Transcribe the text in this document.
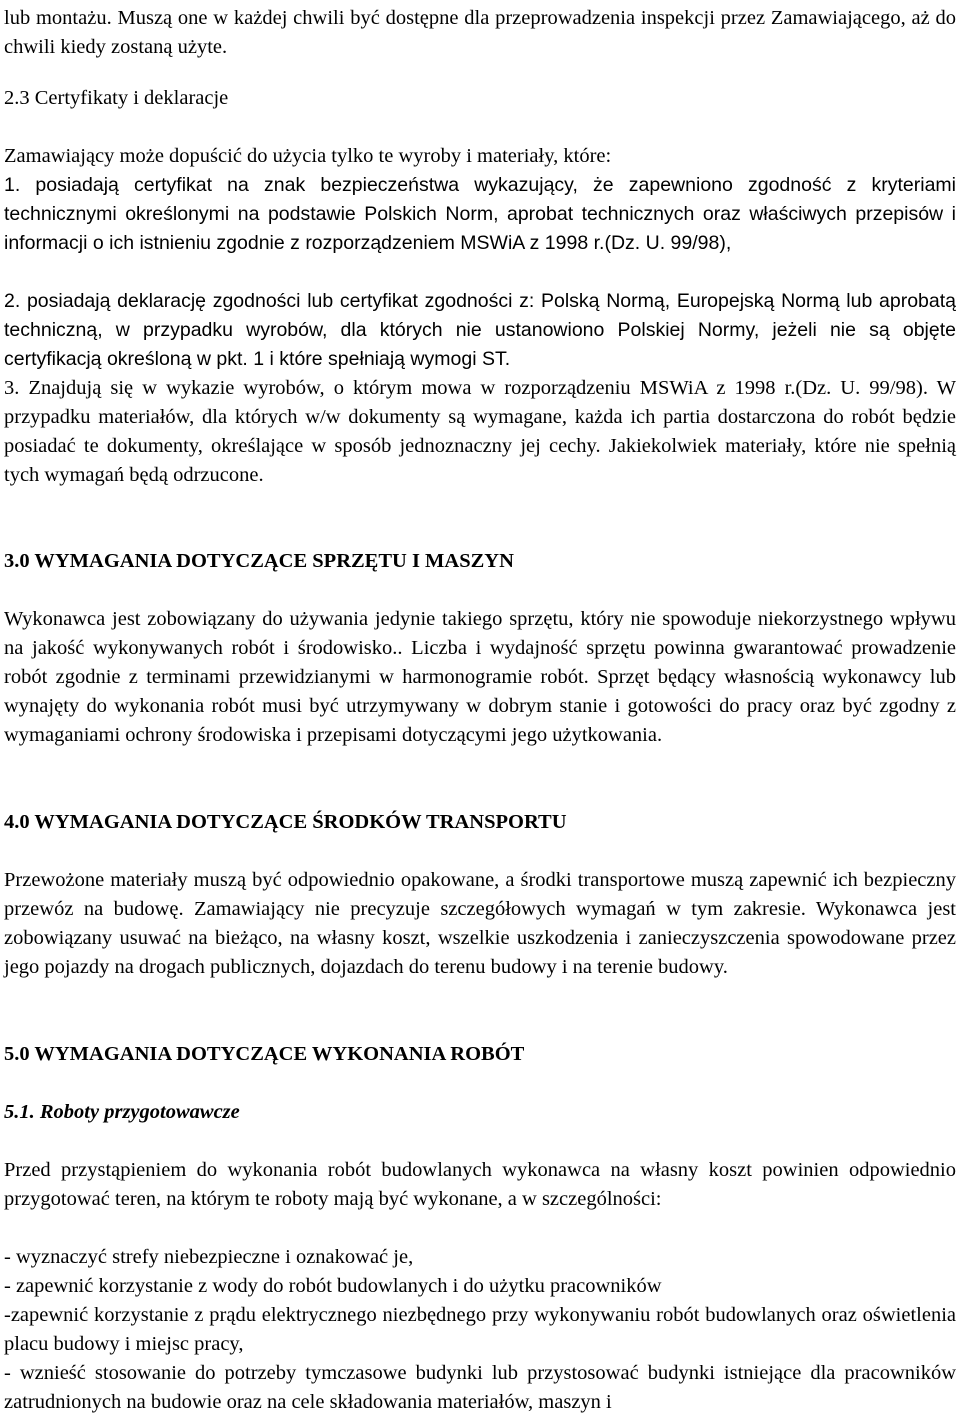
lub montażu. Muszą one w każdej chwili być dostępne dla przeprowadzenia inspekcji przez Zamawiającego, aż do chwili kiedy zostaną użyte.

2.3 Certyfikaty i deklaracje

Zamawiający może dopuścić do użycia tylko te wyroby i materiały, które:

1. posiadają certyfikat na znak bezpieczeństwa wykazujący, że zapewniono zgodność z kryteriami technicznymi określonymi na podstawie Polskich Norm, aprobat technicznych oraz właściwych przepisów i informacji o ich istnieniu zgodnie z rozporządzeniem MSWiA z 1998 r.(Dz. U. 99/98),

2. posiadają deklarację zgodności lub certyfikat zgodności z: Polską Normą, Europejską Normą lub aprobatą techniczną, w przypadku wyrobów, dla których nie ustanowiono Polskiej Normy, jeżeli nie są objęte certyfikacją określoną w pkt. 1 i które spełniają wymogi ST.

3. Znajdują się w wykazie wyrobów, o którym mowa w rozporządzeniu MSWiA z 1998 r.(Dz. U. 99/98). W przypadku materiałów, dla których w/w dokumenty są wymagane, każda ich partia dostarczona do robót będzie posiadać te dokumenty, określające w sposób jednoznaczny jej cechy. Jakiekolwiek materiały, które nie spełnią tych wymagań będą odrzucone.

3.0 WYMAGANIA DOTYCZĄCE SPRZĘTU I MASZYN

Wykonawca jest zobowiązany do używania jedynie takiego sprzętu, który nie spowoduje niekorzystnego wpływu na jakość wykonywanych robót i środowisko.. Liczba i wydajność sprzętu powinna gwarantować prowadzenie robót zgodnie z terminami przewidzianymi w harmonogramie robót. Sprzęt będący własnością wykonawcy lub wynajęty do wykonania robót musi być utrzymywany w dobrym stanie i gotowości do pracy oraz być zgodny z wymaganiami ochrony środowiska i przepisami dotyczącymi jego użytkowania.

4.0 WYMAGANIA DOTYCZĄCE ŚRODKÓW TRANSPORTU

Przewożone materiały muszą być odpowiednio opakowane, a środki transportowe muszą zapewnić ich bezpieczny przewóz na budowę. Zamawiający nie precyzuje szczegółowych wymagań w tym zakresie. Wykonawca jest zobowiązany usuwać na bieżąco, na własny koszt, wszelkie uszkodzenia i zanieczyszczenia spowodowane przez jego pojazdy na drogach publicznych, dojazdach do terenu budowy i na terenie budowy.

5.0 WYMAGANIA DOTYCZĄCE WYKONANIA ROBÓT
5.1. Roboty przygotowawcze

Przed przystąpieniem do wykonania robót budowlanych wykonawca na własny koszt powinien odpowiednio przygotować teren, na którym te roboty mają być wykonane, a w szczególności:

- wyznaczyć strefy niebezpieczne i oznakować je,

- zapewnić korzystanie z wody do robót budowlanych i do użytku pracowników

-zapewnić korzystanie z prądu elektrycznego niezbędnego przy wykonywaniu robót budowlanych oraz oświetlenia placu budowy i miejsc pracy,

- wznieść stosowanie do potrzeby tymczasowe budynki lub przystosować budynki istniejące dla pracowników zatrudnionych na budowie oraz na cele składowania materiałów, maszyn i
